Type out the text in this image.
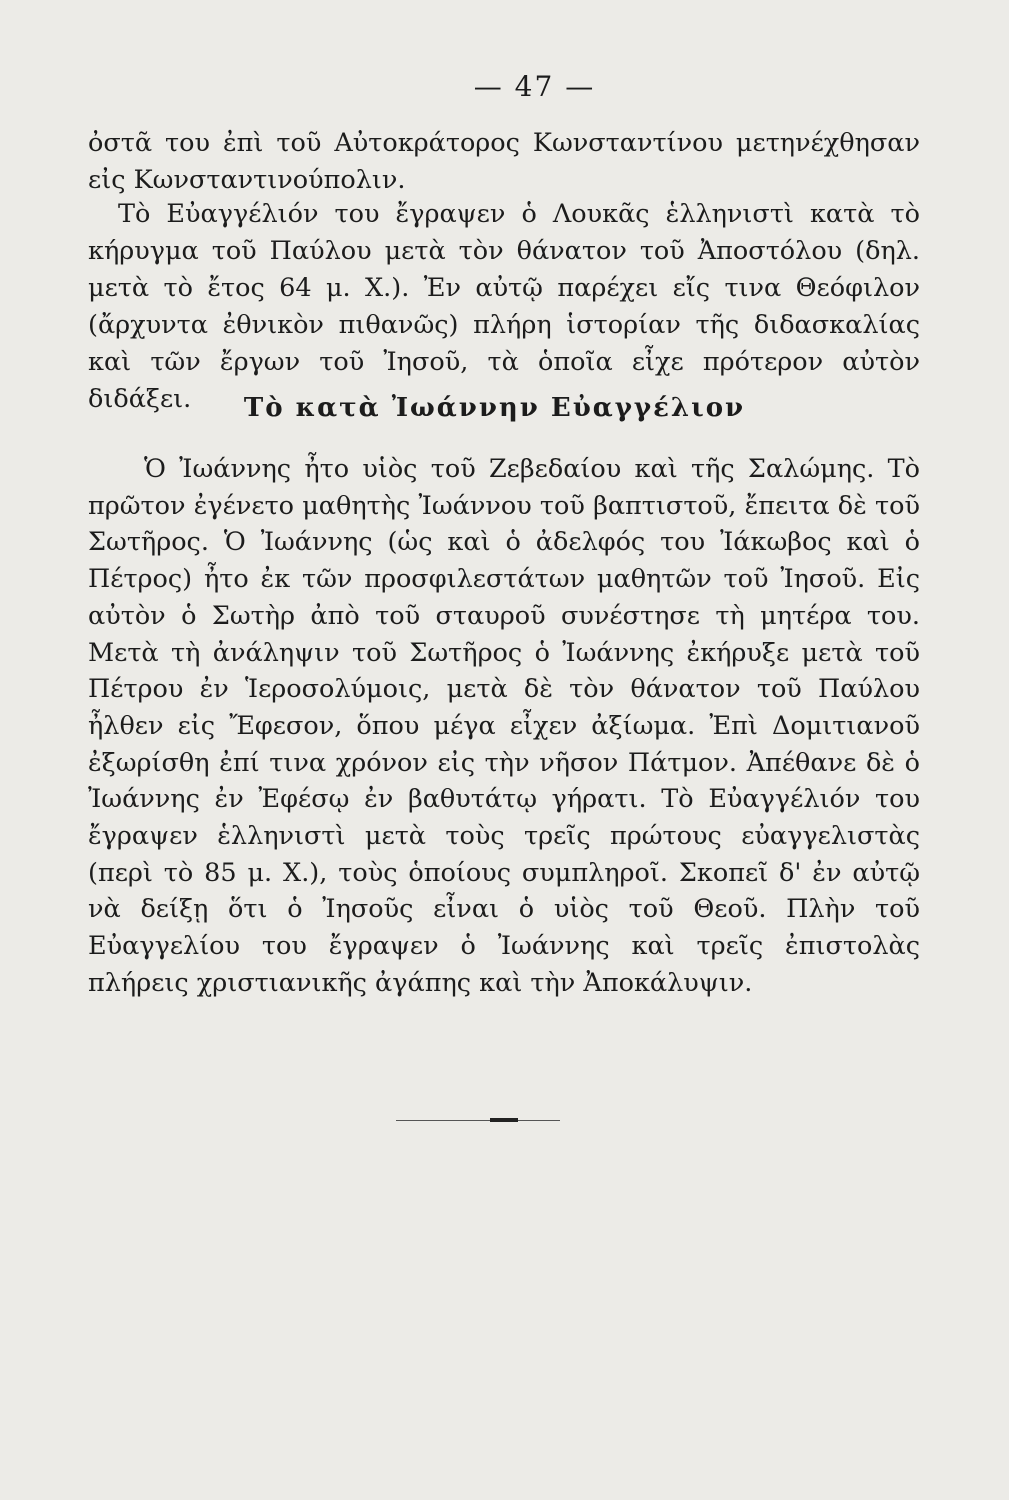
— 47 —

ὀστᾶ του ἐπὶ τοῦ Αὐτοκράτορος Κωνσταντίνου μετηνέχθησαν εἰς Κωνσταντινούπολιν.

Τὸ Εὐαγγέλιόν του ἔγραψεν ὁ Λουκᾶς ἑλληνιστὶ κατὰ τὸ κήρυγμα τοῦ Παύλου μετὰ τὸν θάνατον τοῦ Ἀποστόλου (δηλ. μετὰ τὸ ἔτος 64 μ. Χ.). Ἐν αὐτῷ παρέχει εἴς τινα Θεόφιλον (ἄρχυντα ἐθνικὸν πιθανῶς) πλήρη ἱστορίαν τῆς διδασκαλίας καὶ τῶν ἔργων τοῦ Ἰησοῦ, τὰ ὁποῖα εἶχε πρότερον αὐτὸν διδάξει.	Τὸ κατὰ Ἰωάννην Εὐαγγέλιον

Ὁ Ἰωάννης ἦτο υἱὸς τοῦ Ζεβεδαίου καὶ τῆς Σαλώμης. Τὸ πρῶτον ἐγένετο μαθητὴς Ἰωάννου τοῦ βαπτιστοῦ, ἔπειτα δὲ τοῦ Σωτῆρος. Ὁ Ἰωάννης (ὡς καὶ ὁ ἀδελφός του Ἰάκωβος καὶ ὁ Πέτρος) ἦτο ἐκ τῶν προσφιλεστάτων μαθητῶν τοῦ Ἰησοῦ. Εἰς αὐτὸν ὁ Σωτὴρ ἀπὸ τοῦ σταυροῦ συνέστησε τὴ μητέρα του. Μετὰ τὴ ἀνάληψιν τοῦ Σωτῆρος ὁ Ἰωάννης ἐκήρυξε μετὰ τοῦ Πέτρου ἐν Ἱεροσολύμοις, μετὰ δὲ τὸν θάνατον τοῦ Παύλου ἦλθεν εἰς Ἔφεσον, ὅπου μέγα εἶχεν ἀξίωμα. Ἐπὶ Δομιτιανοῦ ἐξωρίσθη ἐπί τινα χρόνον εἰς τὴν νῆσον Πάτμον. Ἀπέθανε δὲ ὁ Ἰωάννης ἐν Ἐφέσῳ ἐν βαθυτάτῳ γήρατι. Τὸ Εὐαγγέλιόν του ἔγραψεν ἑλληνιστὶ μετὰ τοὺς τρεῖς πρώτους εὐαγγελιστὰς (περὶ τὸ 85 μ. Χ.), τοὺς ὁποίους συμπληροῖ. Σκοπεῖ δ' ἐν αὐτῷ νὰ δείξῃ ὅτι ὁ Ἰησοῦς εἶναι ὁ υἱὸς τοῦ Θεοῦ. Πλὴν τοῦ Εὐαγγελίου του ἔγραψεν ὁ Ἰωάννης καὶ τρεῖς ἐπιστολὰς πλήρεις χριστιανικῆς ἀγάπης καὶ τὴν Ἀποκάλυψιν.
